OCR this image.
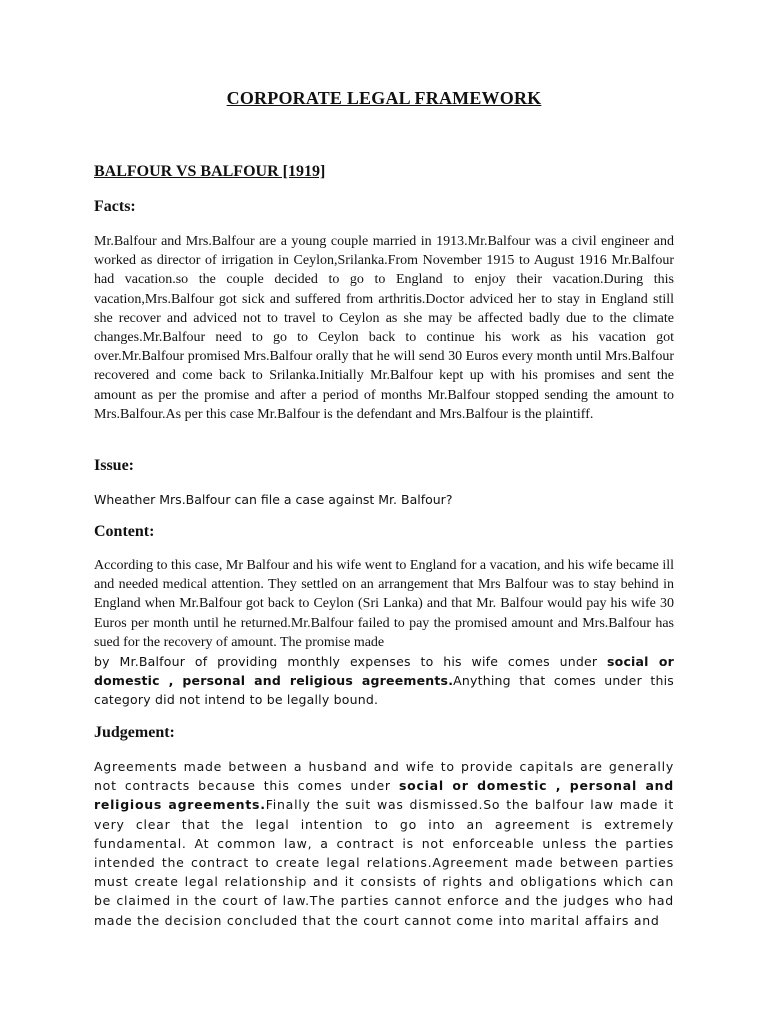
CORPORATE LEGAL FRAMEWORK
BALFOUR VS BALFOUR [1919]
Facts:

Mr.Balfour and Mrs.Balfour are a young couple married in 1913.Mr.Balfour was a civil engineer and worked as director of irrigation in Ceylon,Srilanka.From November 1915 to August 1916 Mr.Balfour had vacation.so the couple decided to go to England to enjoy their vacation.During this vacation,Mrs.Balfour got sick and suffered from arthritis.Doctor adviced her to stay in England still she recover and adviced not to travel to Ceylon as she may be affected badly due to the climate changes.Mr.Balfour need to go to Ceylon back to continue his work as his vacation got over.Mr.Balfour promised Mrs.Balfour orally that he will send 30 Euros every month until Mrs.Balfour recovered and come back to Srilanka.Initially Mr.Balfour kept up with his promises and sent the amount as per the promise and after a period of months Mr.Balfour stopped sending the amount to Mrs.Balfour.As per this case Mr.Balfour is the defendant and Mrs.Balfour is the plaintiff.

Issue:

Wheather Mrs.Balfour can file a case against Mr. Balfour?

Content:

According to this case, Mr Balfour and his wife went to England for a vacation, and his wife became ill and needed medical attention. They settled on an arrangement that Mrs Balfour was to stay behind in England when Mr.Balfour got back to Ceylon (Sri Lanka) and that Mr. Balfour would pay his wife 30 Euros per month until he returned.Mr.Balfour failed to pay the promised amount and Mrs.Balfour has sued for the recovery of amount. The promise made

by Mr.Balfour of providing monthly expenses to his wife comes under social or domestic , personal and religious agreements.Anything that comes under this category did not intend to be legally bound.

Judgement:

Agreements made between a husband and wife to provide capitals are generally not contracts because this comes under social or domestic , personal and religious agreements.Finally the suit was dismissed.So the balfour law made it very clear that the legal intention to go into an agreement is extremely fundamental. At common law, a contract is not enforceable unless the parties intended the contract to create legal relations.Agreement made between parties must create legal relationship and it consists of rights and obligations which can be claimed in the court of law.The parties cannot enforce and the judges who had made the decision concluded that the court cannot come into marital affairs and
